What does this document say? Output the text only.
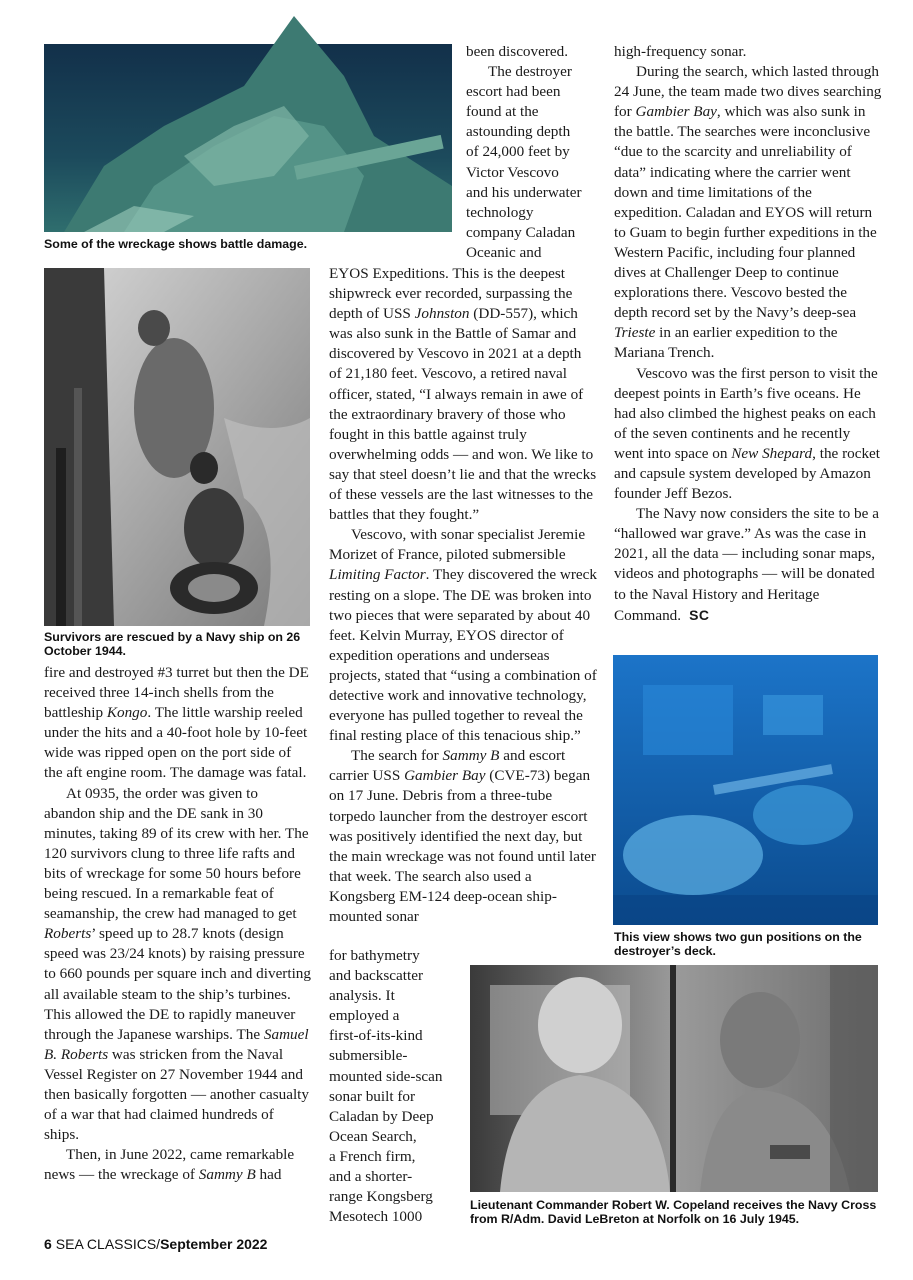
Some of the wreckage shows battle damage.
Survivors are rescued by a Navy ship on 26 October 1944.

fire and destroyed #3 turret but then the DE received three 14-inch shells from the battleship Kongo. The little warship reeled under the hits and a 40-foot hole by 10-feet wide was ripped open on the port side of the aft engine room. The damage was fatal.

At 0935, the order was given to abandon ship and the DE sank in 30 minutes, taking 89 of its crew with her. The 120 survivors clung to three life rafts and bits of wreckage for some 50 hours before being rescued. In a remarkable feat of seamanship, the crew had managed to get Roberts’ speed up to 28.7 knots (design speed was 23/24 knots) by raising pressure to 660 pounds per square inch and diverting all available steam to the ship’s turbines. This allowed the DE to rapidly maneuver through the Japanese warships. The Samuel B. Roberts was stricken from the Naval Vessel Register on 27 November 1944 and then basically forgotten — another casualty of a war that had claimed hundreds of ships.

Then, in June 2022, came remarkable news — the wreckage of Sammy B had

been discovered.
The destroyer
escort had been
found at the
astounding depth
of 24,000 feet by
Victor Vescovo
and his underwater
technology
company Caladan
Oceanic and

EYOS Expeditions. This is the deepest shipwreck ever recorded, surpassing the depth of USS Johnston (DD-557), which was also sunk in the Battle of Samar and discovered by Vescovo in 2021 at a depth of 21,180 feet. Vescovo, a retired naval officer, stated, “I always remain in awe of the extraordinary bravery of those who fought in this battle against truly overwhelming odds — and won. We like to say that steel doesn’t lie and that the wrecks of these vessels are the last witnesses to the battles that they fought.”

Vescovo, with sonar specialist Jeremie Morizet of France, piloted submersible Limiting Factor. They discovered the wreck resting on a slope. The DE was broken into two pieces that were separated by about 40 feet. Kelvin Murray, EYOS director of expedition operations and underseas projects, stated that “using a combination of detective work and innovative technology, everyone has pulled together to reveal the final resting place of this tenacious ship.”

The search for Sammy B and escort carrier USS Gambier Bay (CVE-73) began on 17 June. Debris from a three-tube torpedo launcher from the destroyer escort was positively identified the next day, but the main wreckage was not found until later that week. The search also used a Kongsberg EM-124 deep-ocean ship-mounted sonar

for bathymetry
and backscatter
analysis. It
employed a
first-of-its-kind
submersible-
mounted side-scan
sonar built for
Caladan by Deep
Ocean Search,
a French firm,
and a shorter-
range Kongsberg
Mesotech 1000

high-frequency sonar.

During the search, which lasted through 24 June, the team made two dives searching for Gambier Bay, which was also sunk in the battle. The searches were inconclusive “due to the scarcity and unreliability of data” indicating where the carrier went down and time limitations of the expedition. Caladan and EYOS will return to Guam to begin further expeditions in the Western Pacific, including four planned dives at Challenger Deep to continue explorations there. Vescovo bested the depth record set by the Navy’s deep-sea Trieste in an earlier expedition to the Mariana Trench.

Vescovo was the first person to visit the deepest points in Earth’s five oceans. He had also climbed the highest peaks on each of the seven continents and he recently went into space on New Shepard, the rocket and capsule system developed by Amazon founder Jeff Bezos.

The Navy now considers the site to be a “hallowed war grave.” As was the case in 2021, all the data — including sonar maps, videos and photographs — will be donated to the Naval History and Heritage Command. SC

This view shows two gun positions on the destroyer’s deck.
Lieutenant Commander Robert W. Copeland receives the Navy Cross from R/Adm. David LeBreton at Norfolk on 16 July 1945.
6 SEA CLASSICS/September 2022
